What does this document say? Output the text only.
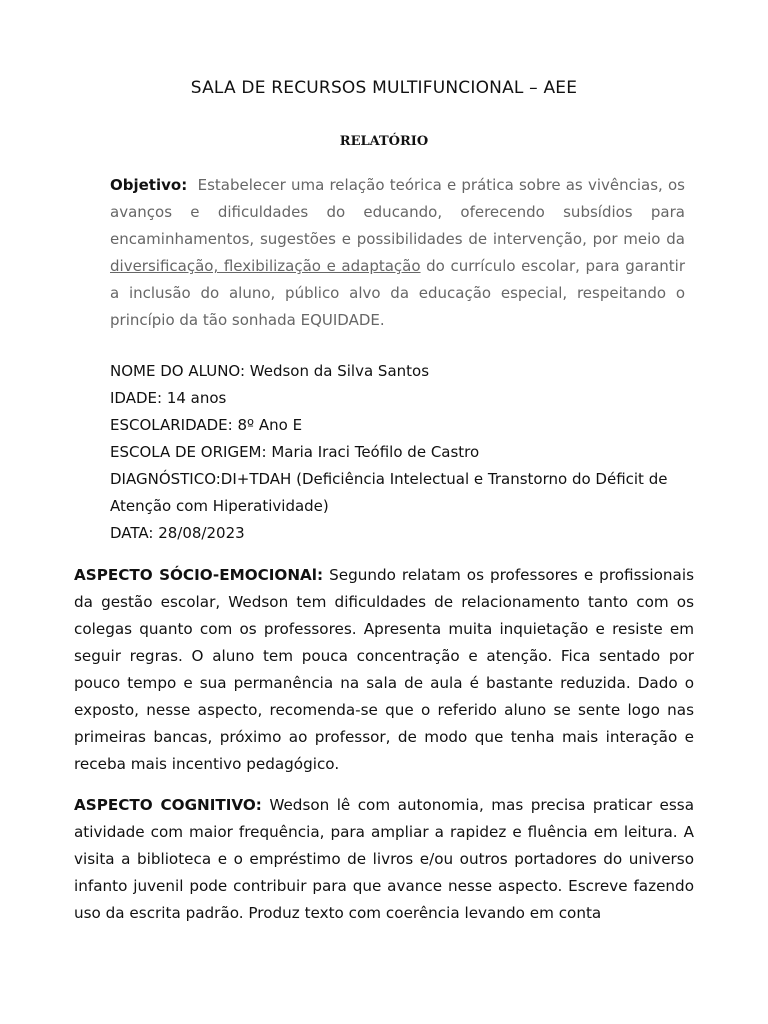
SALA DE RECURSOS MULTIFUNCIONAL – AEE
RELATÓRIO
Objetivo: Estabelecer uma relação teórica e prática sobre as vivências, os avanços e dificuldades do educando, oferecendo subsídios para encaminhamentos, sugestões e possibilidades de intervenção, por meio da diversificação, flexibilização e adaptação do currículo escolar, para garantir a inclusão do aluno, público alvo da educação especial, respeitando o princípio da tão sonhada EQUIDADE.
NOME DO ALUNO: Wedson da Silva Santos
IDADE: 14 anos
ESCOLARIDADE: 8º Ano E
ESCOLA DE ORIGEM: Maria Iraci Teófilo de Castro
DIAGNÓSTICO:DI+TDAH (Deficiência Intelectual e Transtorno do Déficit de Atenção com Hiperatividade)
DATA: 28/08/2023
ASPECTO SÓCIO-EMOCIONAl: Segundo relatam os professores e profissionais da gestão escolar, Wedson tem dificuldades de relacionamento tanto com os colegas quanto com os professores. Apresenta muita inquietação e resiste em seguir regras. O aluno tem pouca concentração e atenção. Fica sentado por pouco tempo e sua permanência na sala de aula é bastante reduzida. Dado o exposto, nesse aspecto, recomenda-se que o referido aluno se sente logo nas primeiras bancas, próximo ao professor, de modo que tenha mais interação e receba mais incentivo pedagógico.
ASPECTO COGNITIVO: Wedson lê com autonomia, mas precisa praticar essa atividade com maior frequência, para ampliar a rapidez e fluência em leitura. A visita a biblioteca e o empréstimo de livros e/ou outros portadores do universo infanto juvenil pode contribuir para que avance nesse aspecto. Escreve fazendo uso da escrita padrão. Produz texto com coerência levando em conta
